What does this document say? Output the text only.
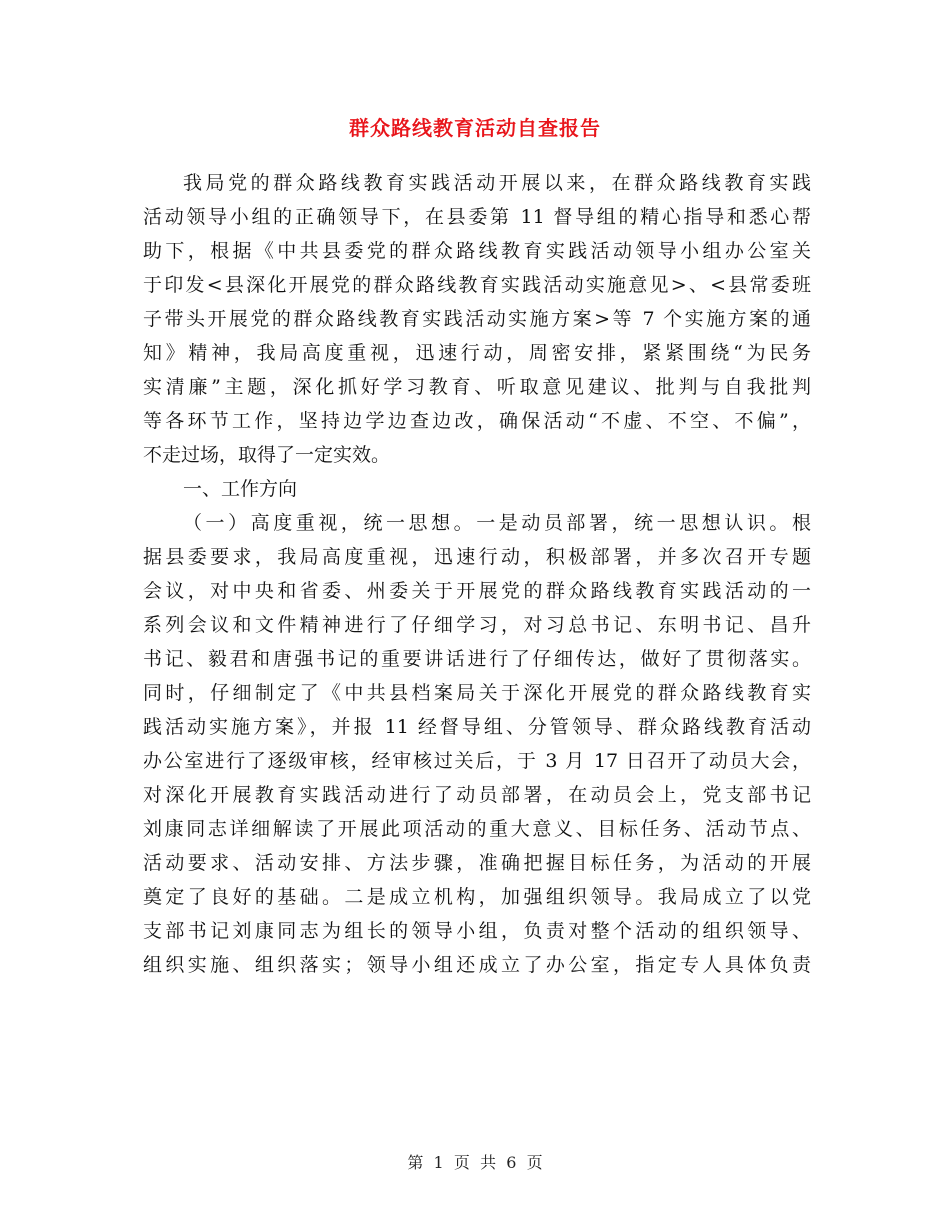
群众路线教育活动自查报告
我局党的群众路线教育实践活动开展以来，在群众路线教育实践
活动领导小组的正确领导下，在县委第 11 督导组的精心指导和悉心帮
助下，根据《中共县委党的群众路线教育实践活动领导小组办公室关
于印发<县深化开展党的群众路线教育实践活动实施意见>、<县常委班
子带头开展党的群众路线教育实践活动实施方案>等 7 个实施方案的通
知》精神，我局高度重视，迅速行动，周密安排，紧紧围绕“为民务
实清廉”主题，深化抓好学习教育、听取意见建议、批判与自我批判
等各环节工作，坚持边学边查边改，确保活动“不虚、不空、不偏”，
不走过场，取得了一定实效。
一、工作方向
（一）高度重视，统一思想。一是动员部署，统一思想认识。根
据县委要求，我局高度重视，迅速行动，积极部署，并多次召开专题
会议，对中央和省委、州委关于开展党的群众路线教育实践活动的一
系列会议和文件精神进行了仔细学习，对习总书记、东明书记、昌升
书记、毅君和唐强书记的重要讲话进行了仔细传达，做好了贯彻落实。
同时，仔细制定了《中共县档案局关于深化开展党的群众路线教育实
践活动实施方案》，并报 11 经督导组、分管领导、群众路线教育活动
办公室进行了逐级审核，经审核过关后，于 3 月 17 日召开了动员大会，
对深化开展教育实践活动进行了动员部署，在动员会上，党支部书记
刘康同志详细解读了开展此项活动的重大意义、目标任务、活动节点、
活动要求、活动安排、方法步骤，准确把握目标任务，为活动的开展
奠定了良好的基础。二是成立机构，加强组织领导。我局成立了以党
支部书记刘康同志为组长的领导小组，负责对整个活动的组织领导、
组织实施、组织落实；领导小组还成立了办公室，指定专人具体负责
第  1  页  共  6  页
